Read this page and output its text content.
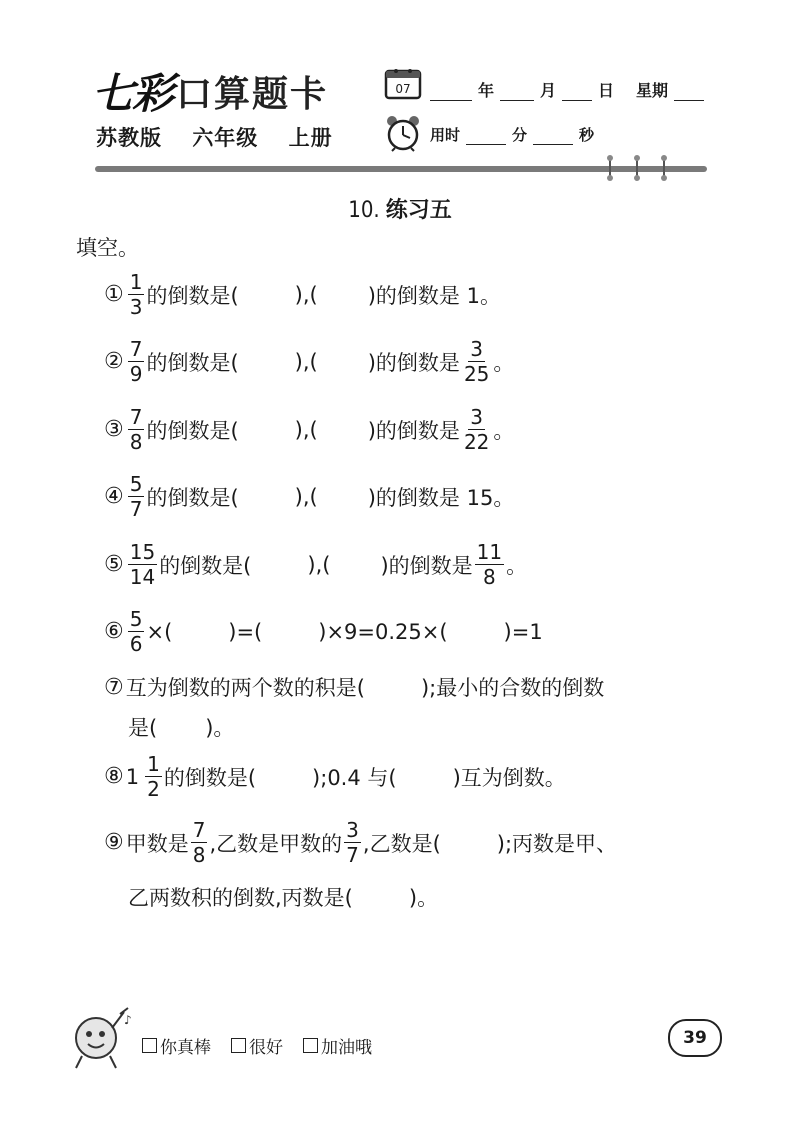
七彩 口算题卡
苏教版 六年级 上册
07	年	月	日 星期
用时	分	秒
10. 练习五
填空。
① $\frac{1}{3}$ 的倒数是(	),( )的倒数是 1。
② $\frac{7}{9}$ 的倒数是(	),( )的倒数是 $\frac{3}{25}$ 。
③ $\frac{7}{8}$ 的倒数是(	),( )的倒数是 $\frac{3}{22}$ 。
④ $\frac{5}{7}$ 的倒数是(	),( )的倒数是 15。
⑤ $\frac{15}{14}$ 的倒数是(	),( )的倒数是 $\frac{11}{8}$ 。
⑥ $\frac{5}{6}$ ×(	)=(	)×9=0.25×(	)=1
⑦ 互为倒数的两个数的积是(	);最小的合数的倒数
是( )。
⑧ $1 \frac{1}{2}$ 的倒数是(	);0.4 与(	)互为倒数。
⑨ 甲数是 $\frac{7}{8}$ ,乙数是甲数的 $\frac{3}{7}$ ,乙数是(	);丙数是甲、
乙两数积的倒数,丙数是(	)。
♪
你真棒 很好 加油哦	39
